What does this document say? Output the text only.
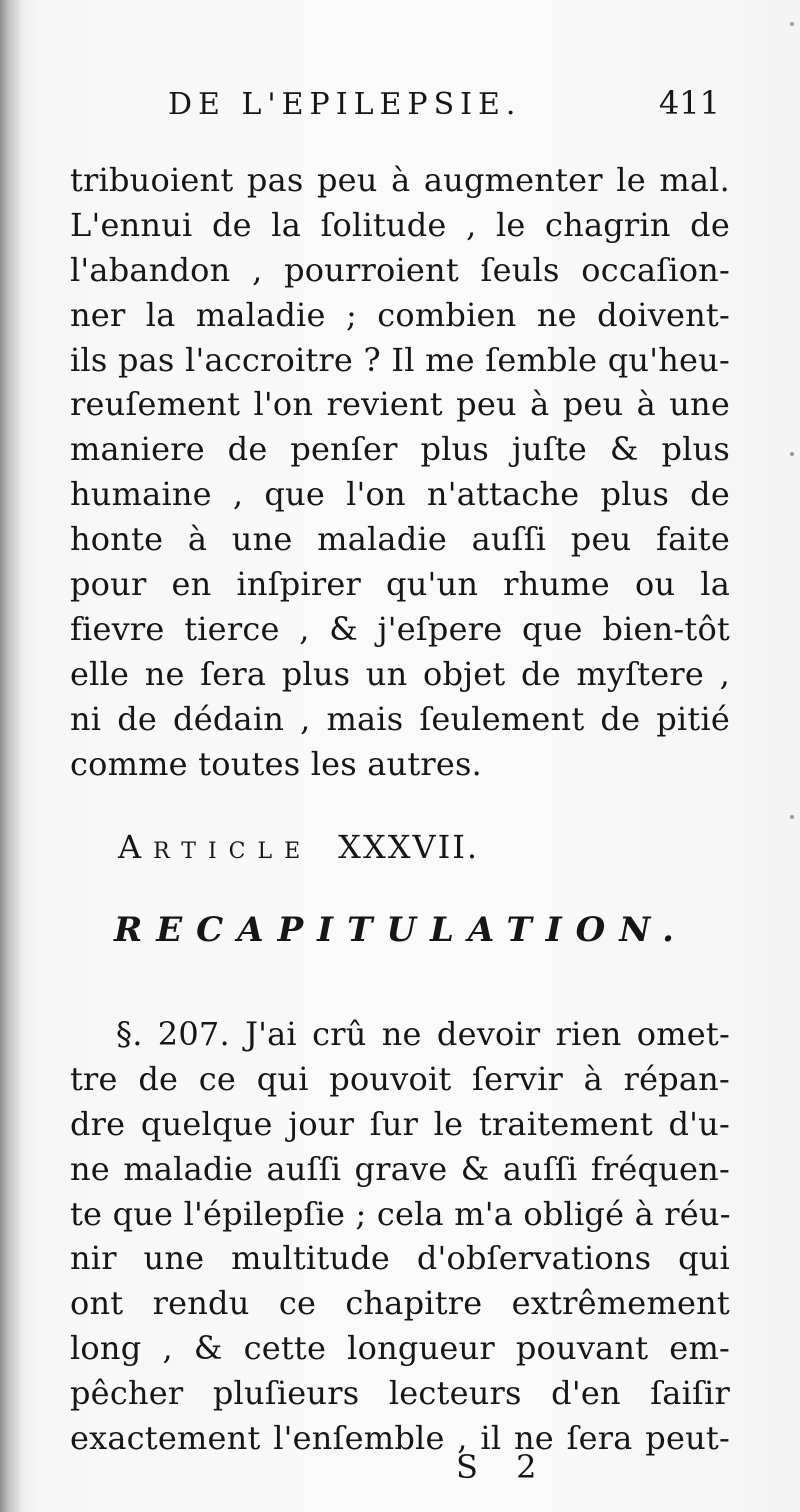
DE L'EPILEPSIE.	411
tribuoient pas peu à augmenter le mal.
L'ennui de la ſolitude , le chagrin de
l'abandon , pourroient ſeuls occaſion-
ner la maladie ; combien ne doivent-
ils pas l'accroitre ? Il me ſemble qu'heu-
reuſement l'on revient peu à peu à une
maniere de penſer plus juſte & plus
humaine , que l'on n'attache plus de
honte à une maladie auſſi peu faite
pour en inſpirer qu'un rhume ou la
fievre tierce , & j'eſpere que bien-tôt
elle ne ſera plus un objet de myſtere ,
ni de dédain , mais ſeulement de pitié
comme toutes les autres.
Article XXXVII.
RECAPITULATION.
§. 207. J'ai crû ne devoir rien omet-
tre de ce qui pouvoit ſervir à répan-
dre quelque jour ſur le traitement d'u-
ne maladie auſſi grave & auſſi fréquen-
te que l'épilepſie ; cela m'a obligé à réu-
nir une multitude d'obſervations qui
ont rendu ce chapitre extrêmement
long , & cette longueur pouvant em-
pêcher pluſieurs lecteurs d'en ſaiſir
exactement l'enſemble , il ne ſera peut-
S 2
